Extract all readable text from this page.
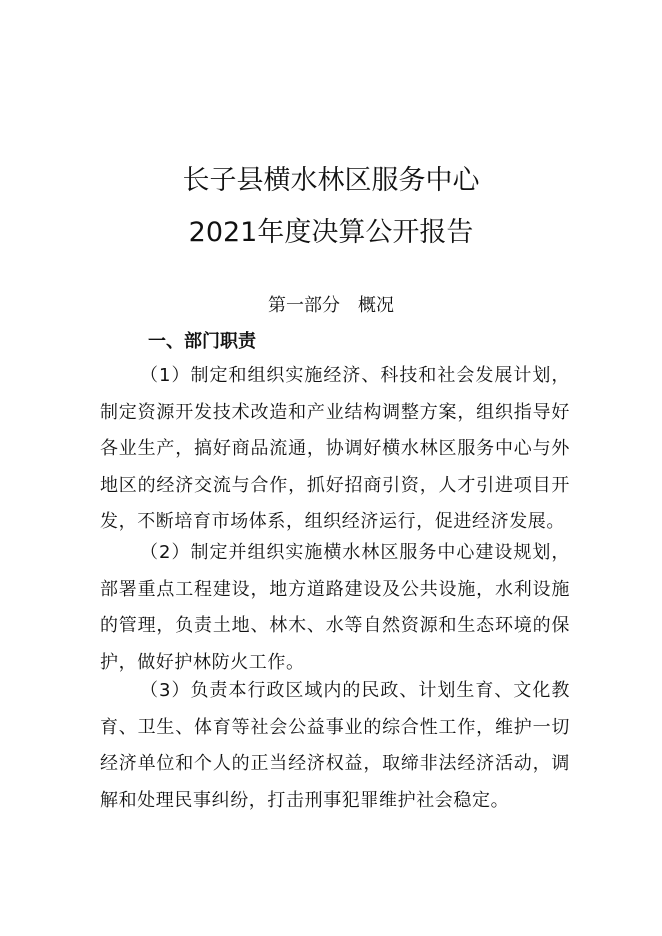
长子县横水林区服务中心
2021年度决算公开报告
第一部分　概况
一、部门职责

（1）制定和组织实施经济、科技和社会发展计划，制定资源开发技术改造和产业结构调整方案，组织指导好各业生产，搞好商品流通，协调好横水林区服务中心与外地区的经济交流与合作，抓好招商引资，人才引进项目开发，不断培育市场体系，组织经济运行，促进经济发展。

（2）制定并组织实施横水林区服务中心建设规划，部署重点工程建设，地方道路建设及公共设施，水利设施的管理，负责土地、林木、水等自然资源和生态环境的保护，做好护林防火工作。

（3）负责本行政区域内的民政、计划生育、文化教育、卫生、体育等社会公益事业的综合性工作，维护一切经济单位和个人的正当经济权益，取缔非法经济活动，调解和处理民事纠纷，打击刑事犯罪维护社会稳定。
